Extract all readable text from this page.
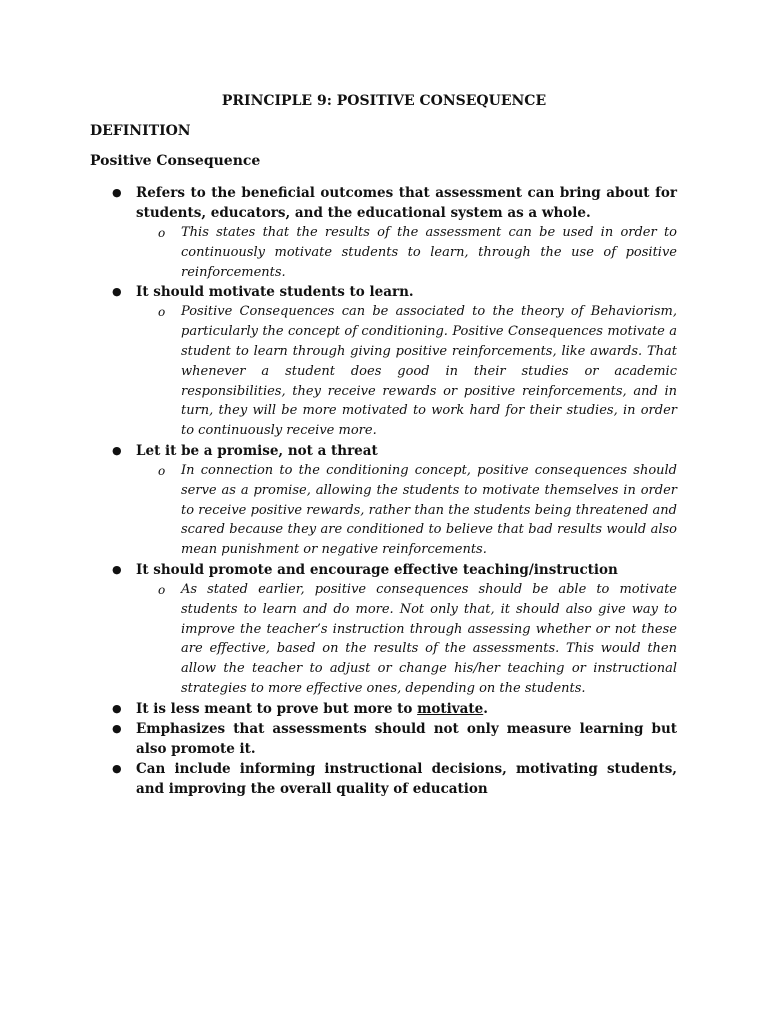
PRINCIPLE 9: POSITIVE CONSEQUENCE
DEFINITION
Positive Consequence
● Refers to the beneficial outcomes that assessment can bring about for students, educators, and the educational system as a whole.
o This states that the results of the assessment can be used in order to continuously motivate students to learn, through the use of positive reinforcements.
● It should motivate students to learn.
o Positive Consequences can be associated to the theory of Behaviorism, particularly the concept of conditioning. Positive Consequences motivate a student to learn through giving positive reinforcements, like awards. That whenever a student does good in their studies or academic responsibilities, they receive rewards or positive reinforcements, and in turn, they will be more motivated to work hard for their studies, in order to continuously receive more.
● Let it be a promise, not a threat
o In connection to the conditioning concept, positive consequences should serve as a promise, allowing the students to motivate themselves in order to receive positive rewards, rather than the students being threatened and scared because they are conditioned to believe that bad results would also mean punishment or negative reinforcements.
● It should promote and encourage effective teaching/instruction
o As stated earlier, positive consequences should be able to motivate students to learn and do more. Not only that, it should also give way to improve the teacher’s instruction through assessing whether or not these are effective, based on the results of the assessments. This would then allow the teacher to adjust or change his/her teaching or instructional strategies to more effective ones, depending on the students.
● It is less meant to prove but more to motivate.
● Emphasizes that assessments should not only measure learning but also promote it.
● Can include informing instructional decisions, motivating students, and improving the overall quality of education
